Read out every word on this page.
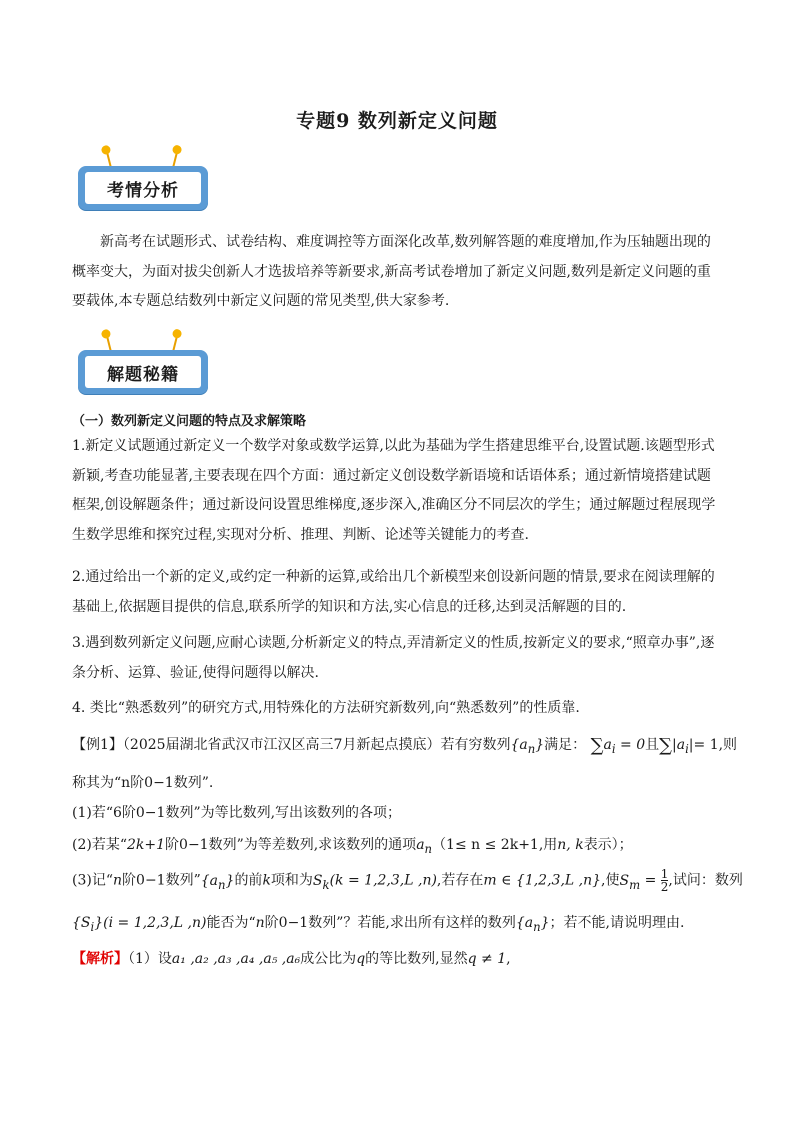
专题9 数列新定义问题
考情分析
新高考在试题形式、试卷结构、难度调控等方面深化改革,数列解答题的难度增加,作为压轴题出现的概率变大，为面对拔尖创新人才选拔培养等新要求,新高考试卷增加了新定义问题,数列是新定义问题的重要载体,本专题总结数列中新定义问题的常见类型,供大家参考.
解题秘籍
（一）数列新定义问题的特点及求解策略
1.新定义试题通过新定义一个数学对象或数学运算,以此为基础为学生搭建思维平台,设置试题.该题型形式新颖,考查功能显著,主要表现在四个方面：通过新定义创设数学新语境和话语体系；通过新情境搭建试题框架,创设解题条件；通过新设问设置思维梯度,逐步深入,准确区分不同层次的学生；通过解题过程展现学生数学思维和探究过程,实现对分析、推理、判断、论述等关键能力的考查.
2.通过给出一个新的定义,或约定一种新的运算,或给出几个新模型来创设新问题的情景,要求在阅读理解的基础上,依据题目提供的信息,联系所学的知识和方法,实心信息的迁移,达到灵活解题的目的.
3.遇到数列新定义问题,应耐心读题,分析新定义的特点,弄清新定义的性质,按新定义的要求,“照章办事”,逐条分析、运算、验证,使得问题得以解决.
4. 类比“熟悉数列”的研究方式,用特殊化的方法研究新数列,向“熟悉数列”的性质靠.
【例1】（2025届湖北省武汉市江汉区高三7月新起点摸底）若有穷数列$\{a_n\}$满足： $\sum a_i = 0$且$\sum|a_i|= 1$,则
称其为“n阶0−1数列”.
(1)若“6阶0−1数列”为等比数列,写出该数列的各项；
(2)若某“2k+1阶0−1数列”为等差数列,求该数列的通项$a_n(1\le n \le 2k+1$,用n, k表示）；
(3)记“n阶0−1数列$”\{a_n\}$的前k项和为$S_k(k = 1,2,3,L$ ,n),若存在m ∈ {1,2,3,L ,n},使$S_m = \frac{1}{2}$ ,试问：数列
$\{S_i\}(i = 1,2,3,L$ ,n)能否为“n阶0−1数列”？若能,求出所有这样的数列$\{a_n\}$；若不能,请说明理由.
【解析】（1）设a₁ ,a₂ ,a₃ ,a₄ ,a₅ ,a₆成公比为q的等比数列,显然q ≠ 1,
